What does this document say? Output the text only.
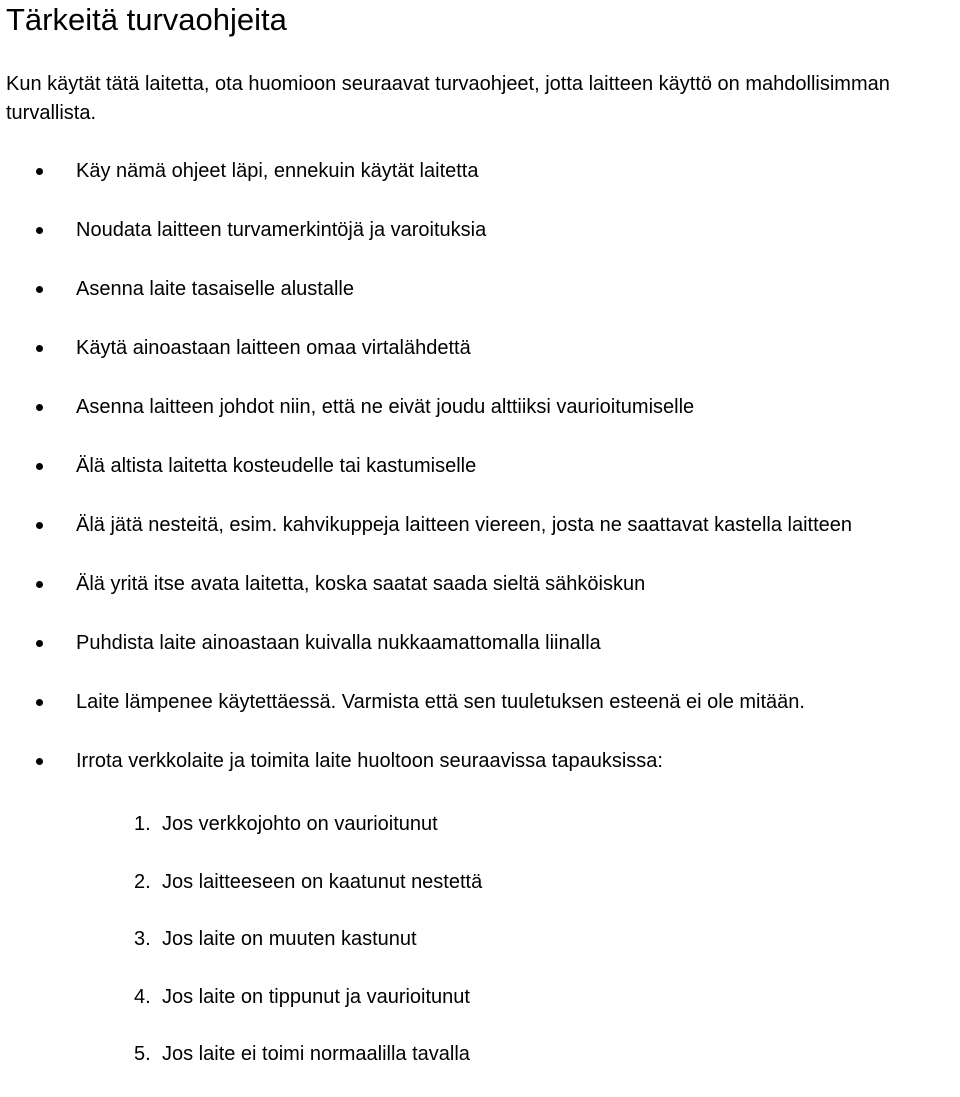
Tärkeitä turvaohjeita

Kun käytät tätä laitetta, ota huomioon seuraavat turvaohjeet, jotta laitteen käyttö on mahdollisimman turvallista.

Käy nämä ohjeet läpi, ennekuin käytät laitetta
Noudata laitteen turvamerkintöjä ja varoituksia
Asenna laite tasaiselle alustalle
Käytä ainoastaan laitteen omaa virtalähdettä
Asenna laitteen johdot niin, että ne eivät joudu alttiiksi vaurioitumiselle
Älä altista laitetta kosteudelle tai kastumiselle
Älä jätä nesteitä, esim. kahvikuppeja laitteen viereen, josta ne saattavat kastella laitteen
Älä yritä itse avata laitetta, koska saatat saada sieltä sähköiskun
Puhdista laite ainoastaan kuivalla nukkaamattomalla liinalla
Laite lämpenee käytettäessä. Varmista että sen tuuletuksen esteenä ei ole mitään.
Irrota verkkolaite ja toimita laite huoltoon seuraavissa tapauksissa:
1. Jos verkkojohto on vaurioitunut
2. Jos laitteeseen on kaatunut nestettä
3. Jos laite on muuten kastunut
4. Jos laite on tippunut ja vaurioitunut
5. Jos laite ei toimi normaalilla tavalla
